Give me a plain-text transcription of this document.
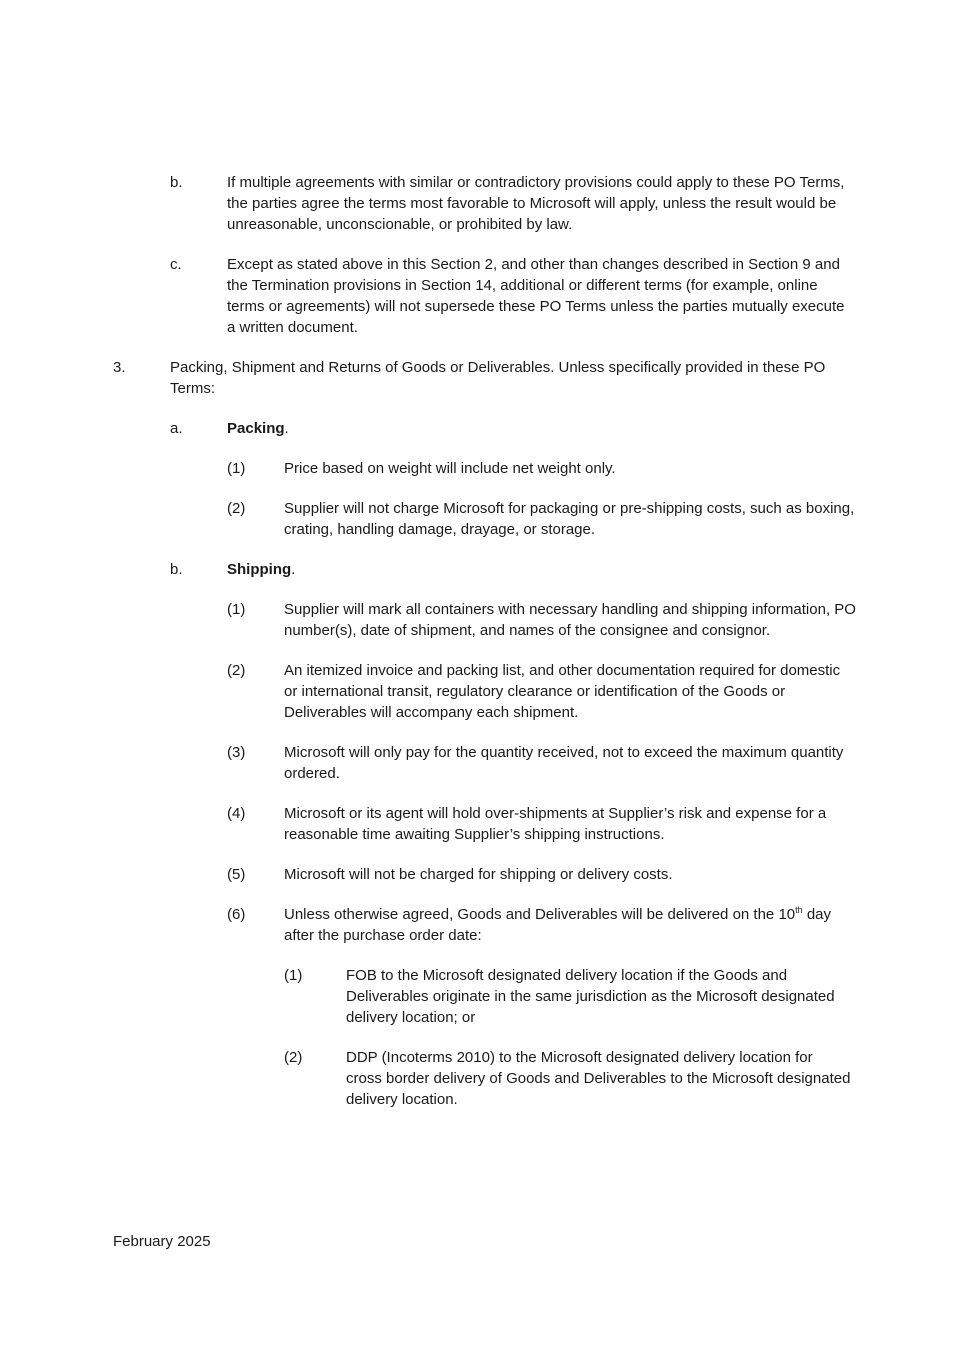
b.	If multiple agreements with similar or contradictory provisions could apply to these PO Terms, the parties agree the terms most favorable to Microsoft will apply, unless the result would be unreasonable, unconscionable, or prohibited by law.

c.	Except as stated above in this Section 2, and other than changes described in Section 9 and the Termination provisions in Section 14, additional or different terms (for example, online terms or agreements) will not supersede these PO Terms unless the parties mutually execute a written document.

3.	Packing, Shipment and Returns of Goods or Deliverables. Unless specifically provided in these PO Terms:

a.	Packing.

(1)	Price based on weight will include net weight only.

(2)	Supplier will not charge Microsoft for packaging or pre-shipping costs, such as boxing, crating, handling damage, drayage, or storage.

b.	Shipping.

(1)	Supplier will mark all containers with necessary handling and shipping information, PO number(s), date of shipment, and names of the consignee and consignor.

(2)	An itemized invoice and packing list, and other documentation required for domestic or international transit, regulatory clearance or identification of the Goods or Deliverables will accompany each shipment.

(3)	Microsoft will only pay for the quantity received, not to exceed the maximum quantity ordered.

(4)	Microsoft or its agent will hold over-shipments at Supplier’s risk and expense for a reasonable time awaiting Supplier’s shipping instructions.

(5)	Microsoft will not be charged for shipping or delivery costs.

(6)	Unless otherwise agreed, Goods and Deliverables will be delivered on the 10th day after the purchase order date:

(1)	FOB to the Microsoft designated delivery location if the Goods and Deliverables originate in the same jurisdiction as the Microsoft designated delivery location; or

(2)	DDP (Incoterms 2010) to the Microsoft designated delivery location for cross border delivery of Goods and Deliverables to the Microsoft designated delivery location.

February 2025
